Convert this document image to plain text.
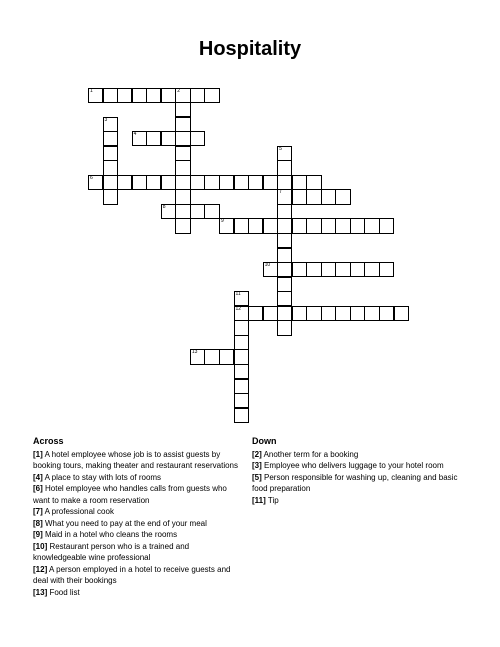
Hospitality
1	2
3
4
5
7
6
8
9
10
11
12
13
Across
[1] A hotel employee whose job is to assist guests by booking tours, making theater and restaurant reservations
[4] A place to stay with lots of rooms
[6] Hotel employee who handles calls from guests who want to make a room reservation
[7] A professional cook
[8] What you need to pay at the end of your meal
[9] Maid in a hotel who cleans the rooms
[10] Restaurant person who is a trained and knowledgeable wine professional
[12] A person employed in a hotel to receive guests and deal with their bookings
[13] Food list
Down
[2] Another term for a booking
[3] Employee who delivers luggage to your hotel room
[5] Person responsible for washing up, cleaning and basic food preparation
[11] Tip
